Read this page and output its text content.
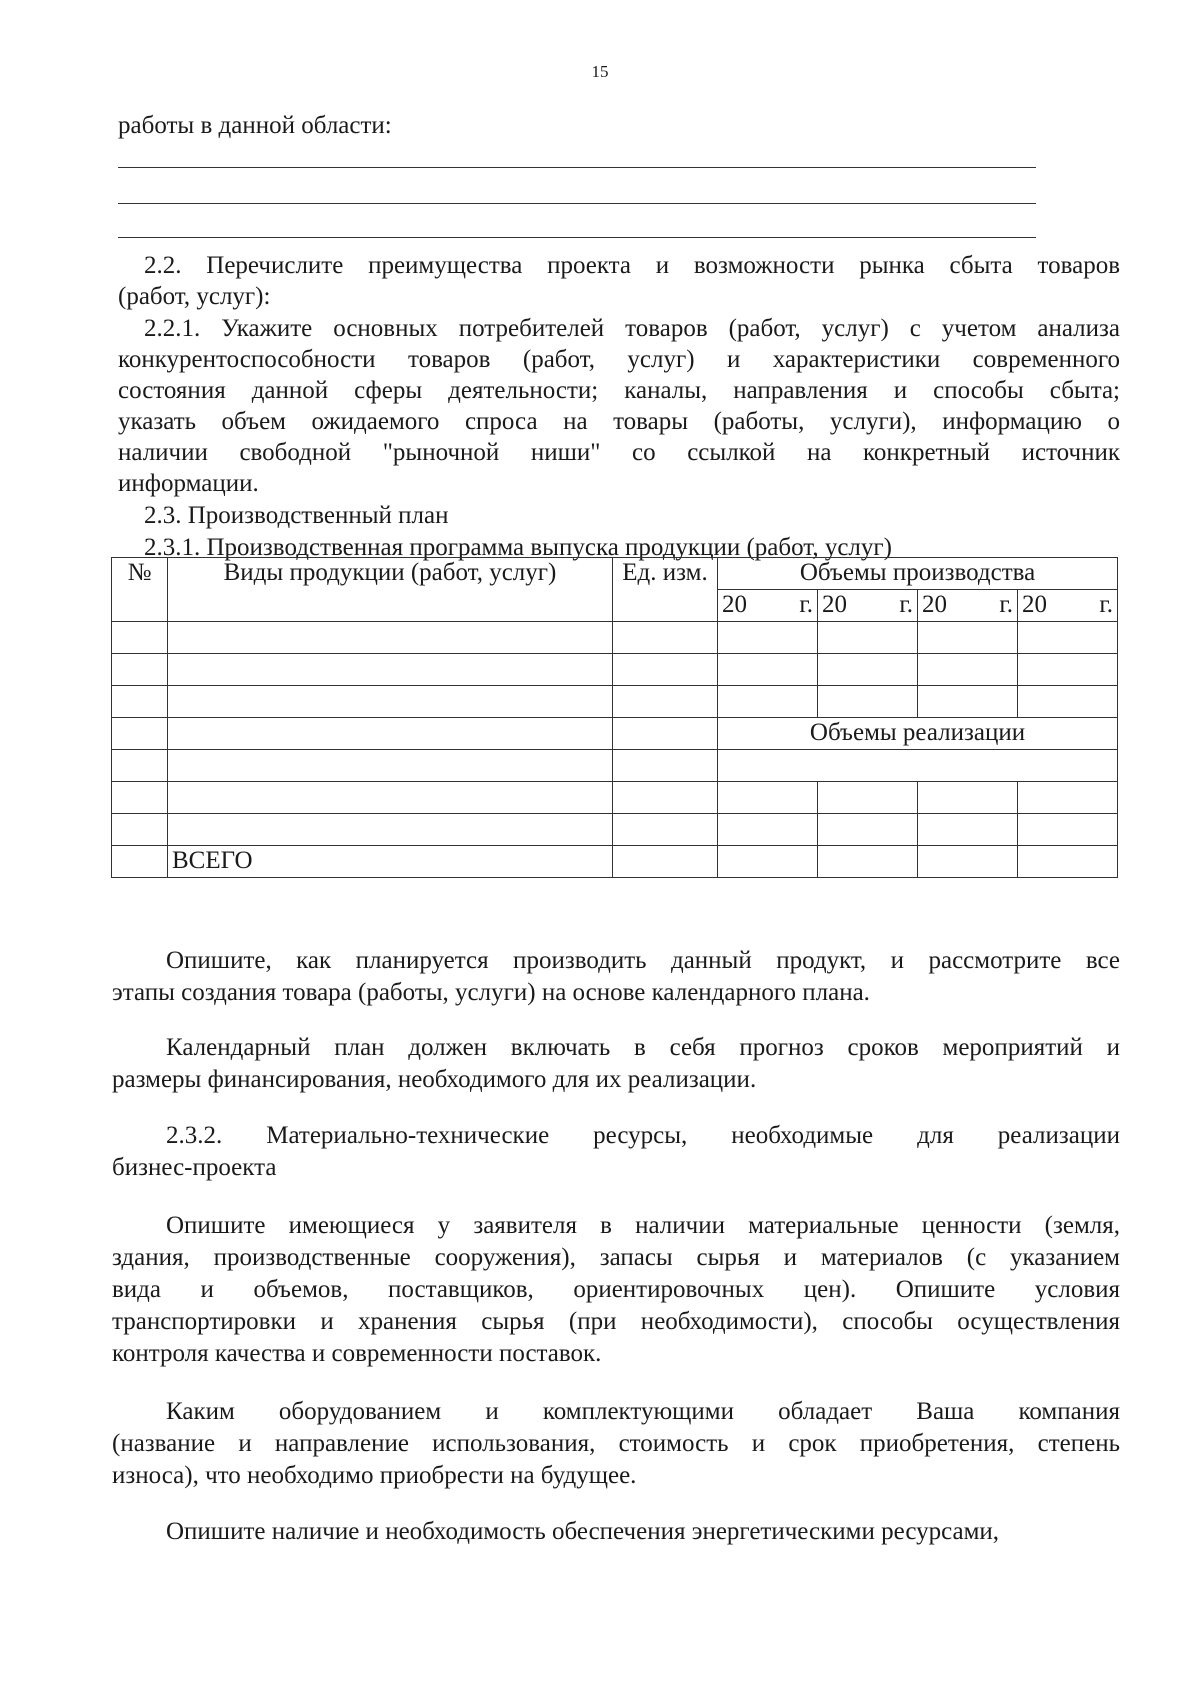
15
работы в данной области:
2.2. Перечислите преимущества проекта и возможности рынка сбыта товаров
(работ, услуг):
2.2.1. Укажите основных потребителей товаров (работ, услуг) с учетом анализа
конкурентоспособности товаров (работ, услуг) и характеристики современного
состояния данной сферы деятельности; каналы, направления и способы сбыта;
указать объем ожидаемого спроса на товары (работы, услуги), информацию о
наличии свободной "рыночной ниши" со ссылкой на конкретный источник
информации.
2.3. Производственный план
2.3.1. Производственная программа выпуска продукции (работ, услуг)
№	Виды продукции (работ, услуг)	Ед. изм.	Объемы производства			

			20 г.	20 г.	20 г.	20 г.

			Объемы реализации			

	ВСЕГО					
Опишите, как планируется производить данный продукт, и рассмотрите все
этапы создания товара (работы, услуги) на основе календарного плана.
Календарный план должен включать в себя прогноз сроков мероприятий и
размеры финансирования, необходимого для их реализации.
2.3.2. Материально-технические ресурсы, необходимые для реализации
бизнес-проекта
Опишите имеющиеся у заявителя в наличии материальные ценности (земля,
здания, производственные сооружения), запасы сырья и материалов (с указанием
вида и объемов, поставщиков, ориентировочных цен). Опишите условия
транспортировки и хранения сырья (при необходимости), способы осуществления
контроля качества и современности поставок.
Каким оборудованием и комплектующими обладает Ваша компания
(название и направление использования, стоимость и срок приобретения, степень
износа), что необходимо приобрести на будущее.
Опишите наличие и необходимость обеспечения энергетическими ресурсами,
